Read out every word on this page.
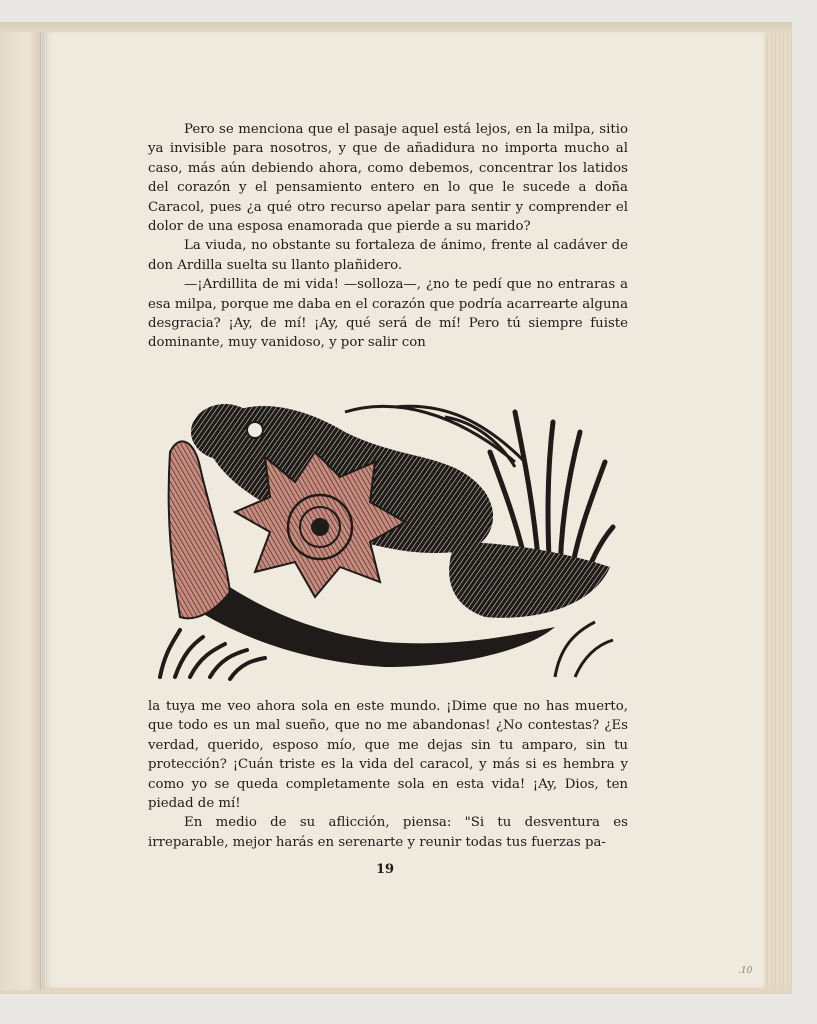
Pero se menciona que el pasaje aquel está lejos, en la milpa, sitio ya invisible para nosotros, y que de añadidura no importa mucho al caso, más aún debiendo ahora, como debemos, concentrar los latidos del corazón y el pensamiento entero en lo que le sucede a doña Caracol, pues ¿a qué otro recurso apelar para sentir y comprender el dolor de una esposa enamorada que pierde a su marido?

La viuda, no obstante su fortaleza de ánimo, frente al cadáver de don Ardilla suelta su llanto plañidero.

—¡Ardillita de mi vida! —solloza—, ¿no te pedí que no entraras a esa milpa, porque me daba en el corazón que podría acarrearte alguna desgracia? ¡Ay, de mí! ¡Ay, qué será de mí! Pero tú siempre fuiste dominante, muy vanidoso, y por salir con

la tuya me veo ahora sola en este mundo. ¡Dime que no has muerto, que todo es un mal sueño, que no me abandonas! ¿No contestas? ¿Es verdad, querido, esposo mío, que me dejas sin tu amparo, sin tu protección? ¡Cuán triste es la vida del caracol, y más si es hembra y como yo se queda completamente sola en esta vida! ¡Ay, Dios, ten piedad de mí!

En medio de su aflicción, piensa: "Si tu desventura es irreparable, mejor harás en serenarte y reunir todas tus fuerzas pa-

19
.10
